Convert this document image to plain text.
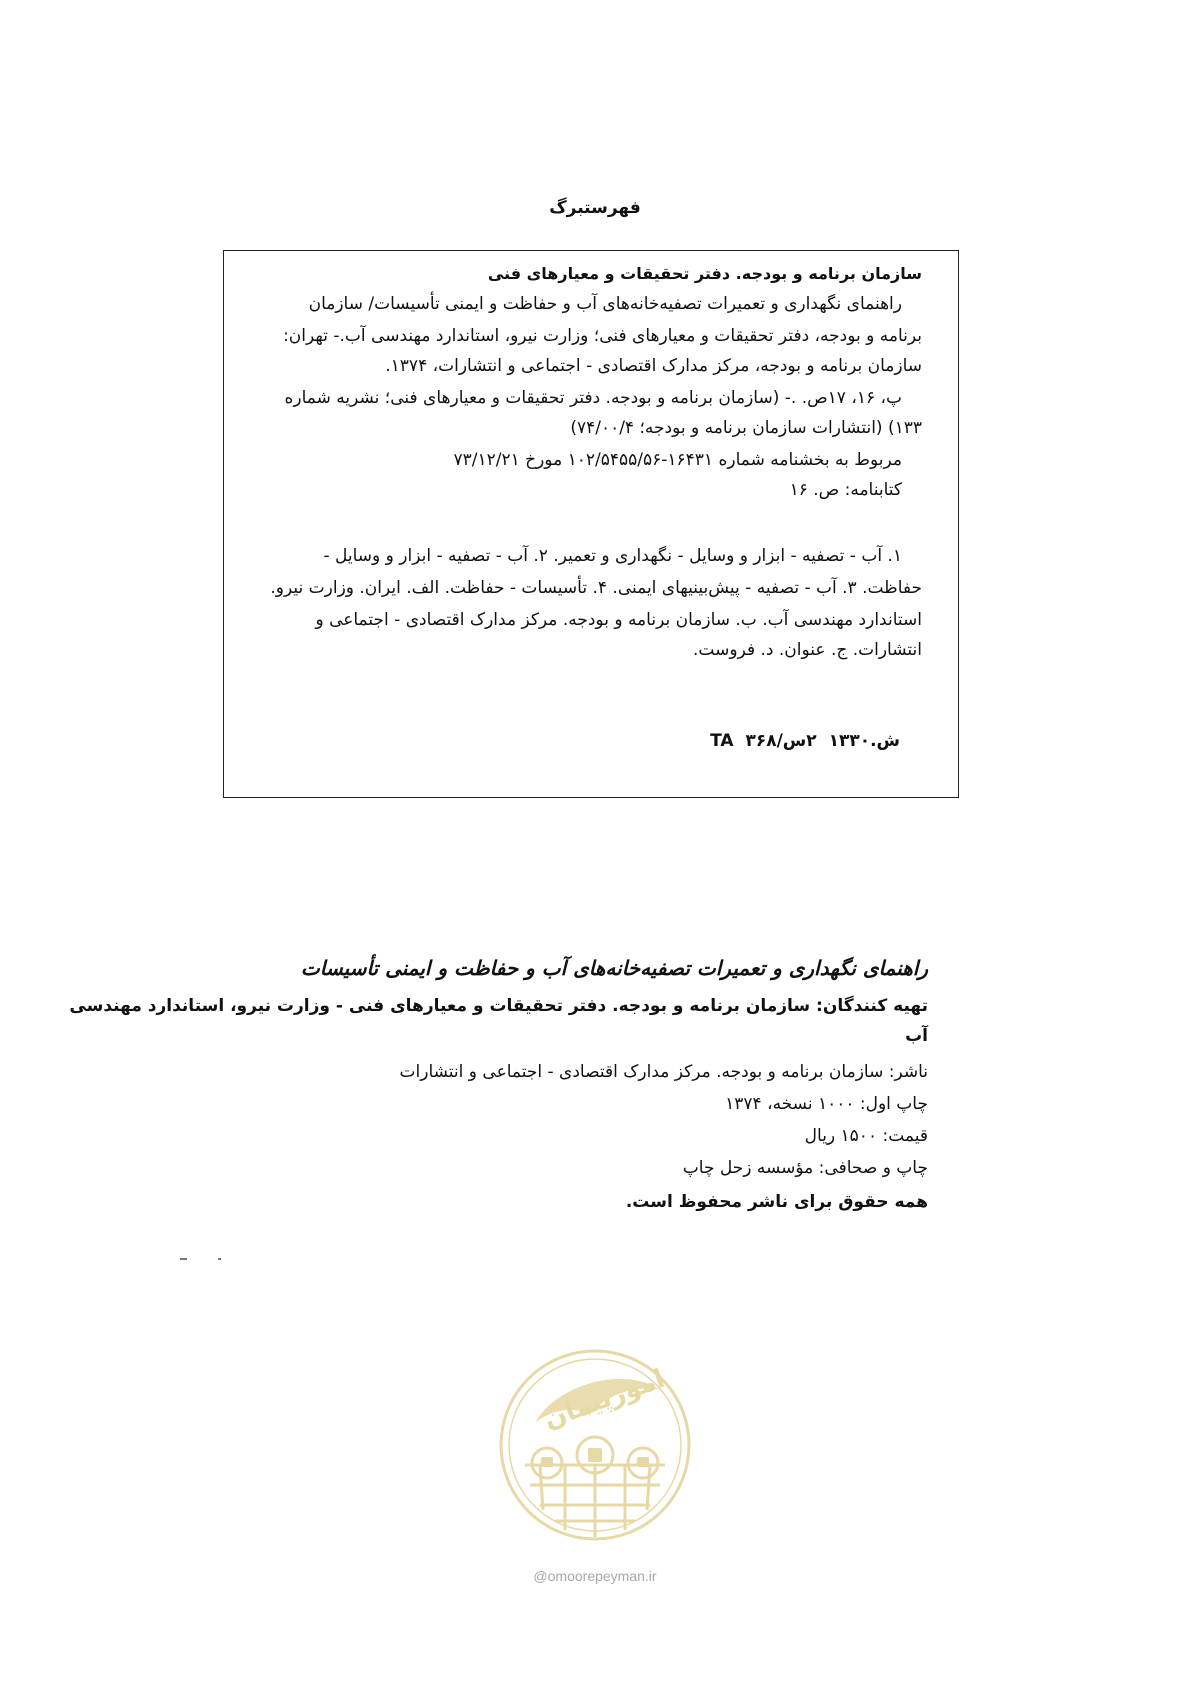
فهرستبرگ
سازمان برنامه و بودجه. دفتر تحقیقات و معیارهای فنی
راهنمای نگهداری و تعمیرات تصفیه‌خانه‌های آب و حفاظت و ایمنی تأسیسات/ سازمان
برنامه و بودجه، دفتر تحقیقات و معیارهای فنی؛ وزارت نیرو، استاندارد مهندسی آب.- تهران:
سازمان برنامه و بودجه، مرکز مدارک اقتصادی - اجتماعی و انتشارات، ۱۳۷۴.
پ، ۱۶، ۱۷ص. .- (سازمان برنامه و بودجه. دفتر تحقیقات و معیارهای فنی؛ نشریه شماره
۱۳۳) (انتشارات سازمان برنامه و بودجه؛ ۷۴/۰۰/۴)
مربوط به بخشنامه شماره ۱۶۴۳۱-۱۰۲/۵۴۵۵/۵۶ مورخ ۷۳/۱۲/۲۱
کتابنامه: ص. ۱۶
۱. آب - تصفیه - ابزار و وسایل - نگهداری و تعمیر. ۲. آب - تصفیه - ابزار و وسایل -
حفاظت. ۳. آب - تصفیه - پیش‌بینیهای ایمنی. ۴. تأسیسات - حفاظت. الف. ایران. وزارت نیرو.
استاندارد مهندسی آب. ب. سازمان برنامه و بودجه. مرکز مدارک اقتصادی - اجتماعی و
انتشارات. ج. عنوان. د. فروست.
ش.۱۳۳۰ ۲س/۳۶۸ TA
راهنمای نگهداری و تعمیرات تصفیه‌خانه‌های آب و حفاظت و ایمنی تأسیسات
تهیه کنندگان: سازمان برنامه و بودجه. دفتر تحقیقات و معیارهای فنی - وزارت نیرو، استاندارد مهندسی
آب
ناشر: سازمان برنامه و بودجه. مرکز مدارک اقتصادی - اجتماعی و انتشارات
چاپ اول: ۱۰۰۰ نسخه، ۱۳۷۴
قیمت: ۱۵۰۰ ریال
چاپ و صحافی: مؤسسه زحل چاپ
همه حقوق برای ناشر محفوظ است.
امورپیمان
@omoorepeyman.ir
